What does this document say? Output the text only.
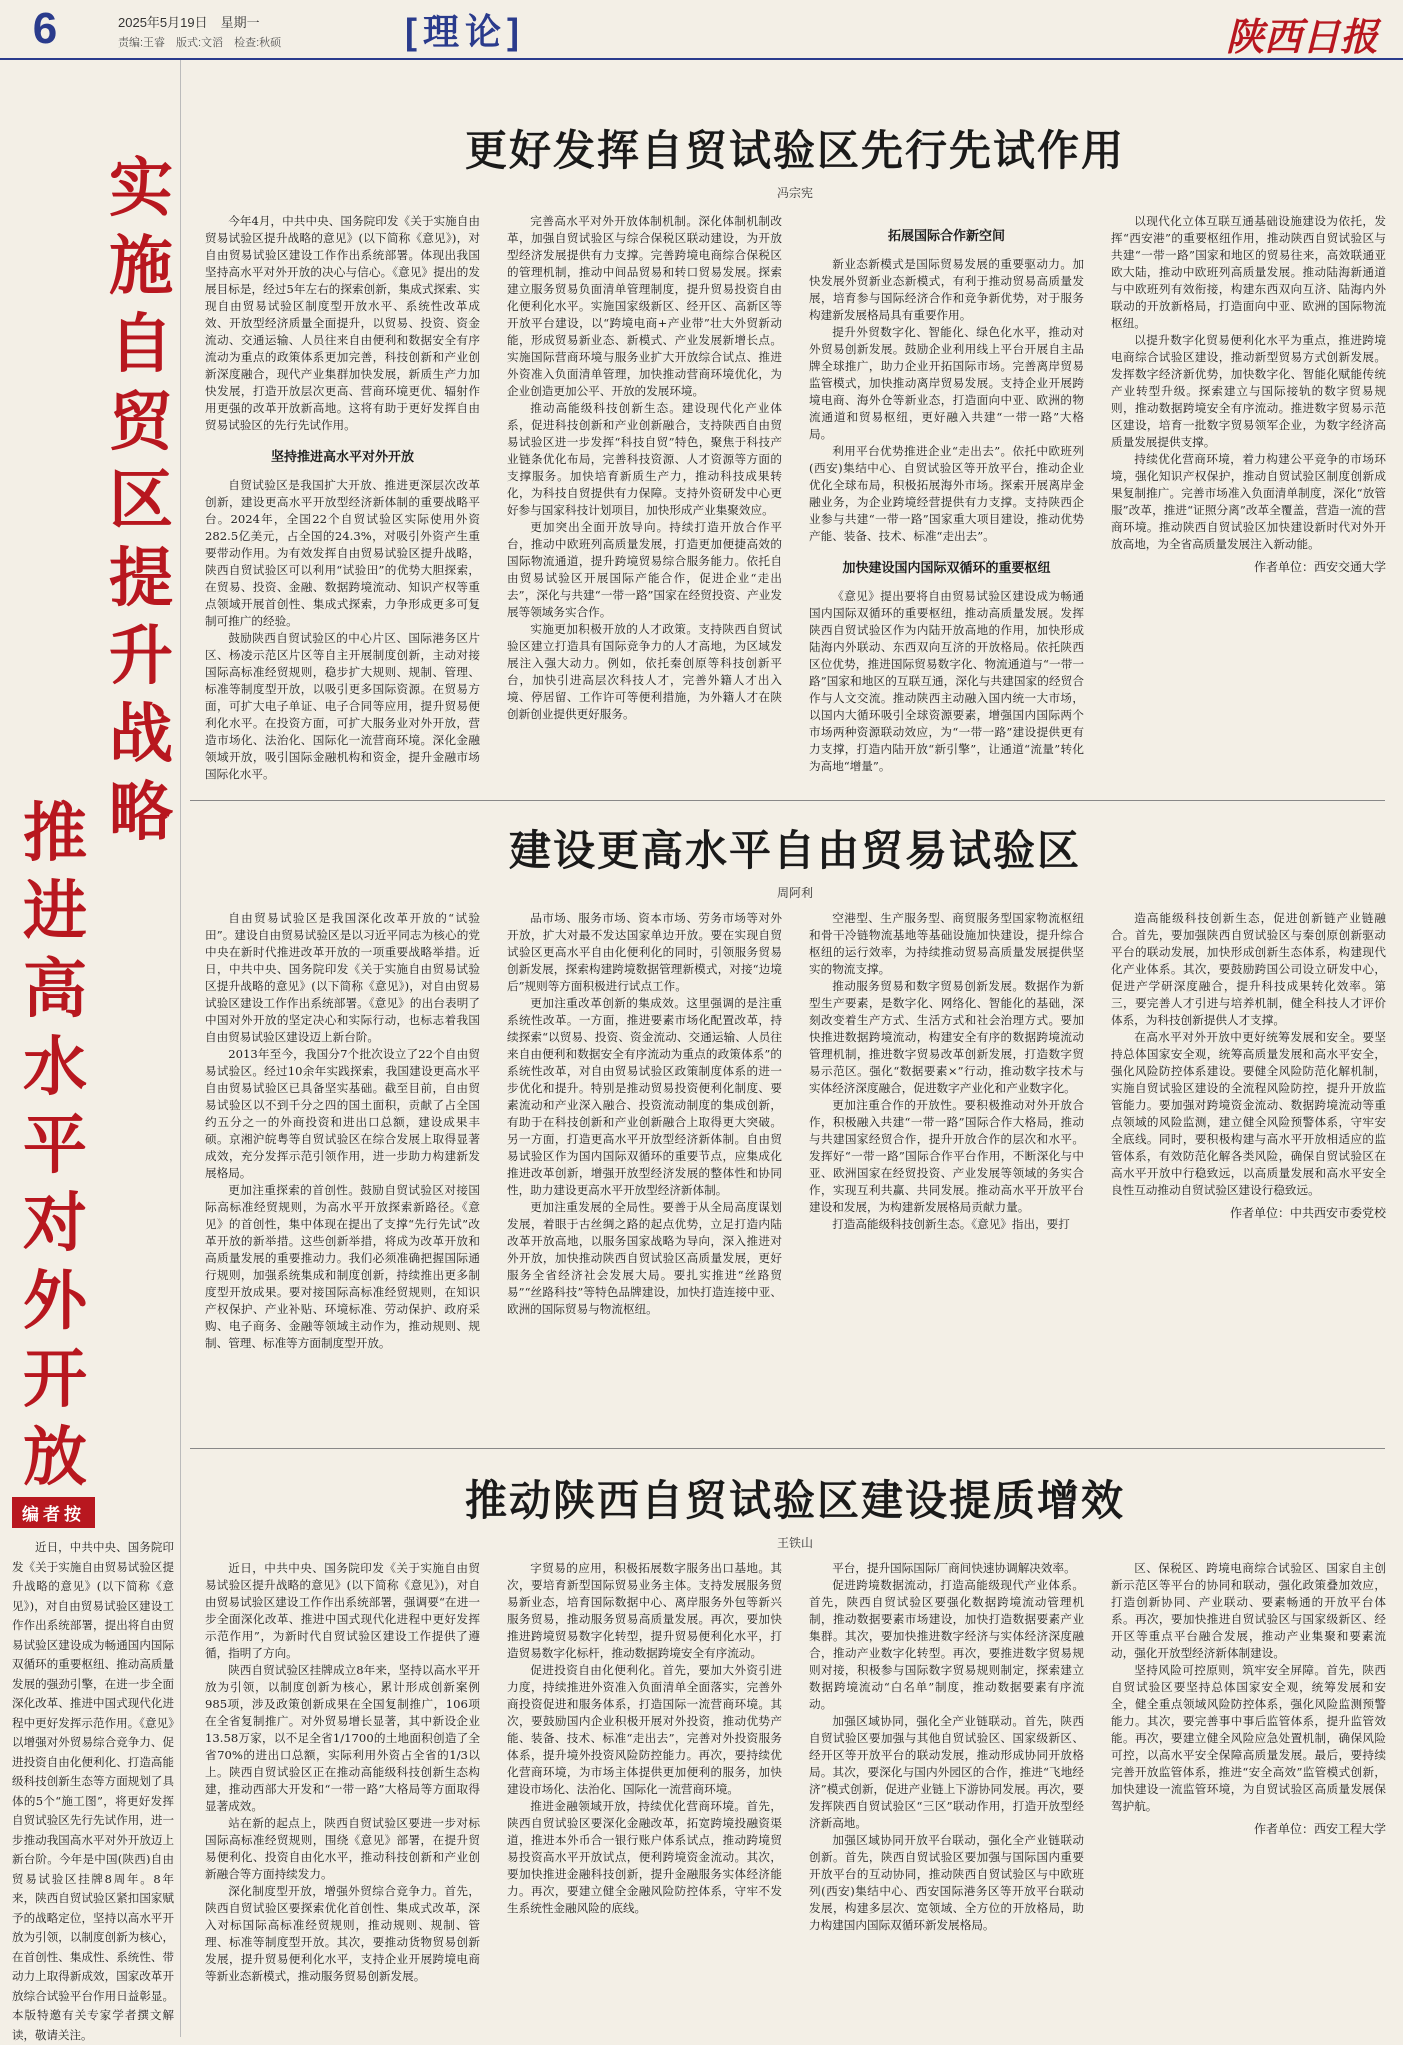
6	2025年5月19日　星期一
责编:王睿　版式:文滔　检查:秋硕	[理论]	陕西日报
实施自贸区提升战略
推进高水平对外开放
编者按
近日，中共中央、国务院印发《关于实施自由贸易试验区提升战略的意见》(以下简称《意见》)，对自由贸易试验区建设工作作出系统部署，提出将自由贸易试验区建设成为畅通国内国际双循环的重要枢纽、推动高质量发展的强劲引擎，在进一步全面深化改革、推进中国式现代化进程中更好发挥示范作用。《意见》以增强对外贸易综合竞争力、促进投资自由化便利化、打造高能级科技创新生态等方面规划了具体的5个“施工图”，将更好发挥自贸试验区先行先试作用，进一步推动我国高水平对外开放迈上新台阶。今年是中国(陕西)自由贸易试验区挂牌8周年。8年来，陕西自贸试验区紧扣国家赋予的战略定位，坚持以高水平开放为引领，以制度创新为核心，在首创性、集成性、系统性、带动力上取得新成效，国家改革开放综合试验平台作用日益彰显。本版特邀有关专家学者撰文解读，敬请关注。
更好发挥自贸试验区先行先试作用
冯宗宪

今年4月，中共中央、国务院印发《关于实施自由贸易试验区提升战略的意见》(以下简称《意见》)，对自由贸易试验区建设工作作出系统部署。体现出我国坚持高水平对外开放的决心与信心。《意见》提出的发展目标是，经过5年左右的探索创新，集成式探索、实现自由贸易试验区制度型开放水平、系统性改革成效、开放型经济质量全面提升，以贸易、投资、资金流动、交通运输、人员往来自由便利和数据安全有序流动为重点的政策体系更加完善，科技创新和产业创新深度融合，现代产业集群加快发展，新质生产力加快发展，打造开放层次更高、营商环境更优、辐射作用更强的改革开放新高地。这将有助于更好发挥自由贸易试验区的先行先试作用。

坚持推进高水平对外开放

自贸试验区是我国扩大开放、推进更深层次改革创新，建设更高水平开放型经济新体制的重要战略平台。2024年，全国22个自贸试验区实际使用外资282.5亿美元，占全国的24.3%，对吸引外资产生重要带动作用。为有效发挥自由贸易试验区提升战略，陕西自贸试验区可以利用“试验田”的优势大胆探索，在贸易、投资、金融、数据跨境流动、知识产权等重点领域开展首创性、集成式探索，力争形成更多可复制可推广的经验。

鼓励陕西自贸试验区的中心片区、国际港务区片区、杨凌示范区片区等自主开展制度创新，主动对接国际高标准经贸规则，稳步扩大规则、规制、管理、标准等制度型开放，以吸引更多国际资源。在贸易方面，可扩大电子单证、电子合同等应用，提升贸易便利化水平。在投资方面，可扩大服务业对外开放，营造市场化、法治化、国际化一流营商环境。深化金融领域开放，吸引国际金融机构和资金，提升金融市场国际化水平。

完善高水平对外开放体制机制。深化体制机制改革，加强自贸试验区与综合保税区联动建设，为开放型经济发展提供有力支撑。完善跨境电商综合保税区的管理机制，推动中间品贸易和转口贸易发展。探索建立服务贸易负面清单管理制度，提升贸易投资自由化便利化水平。实施国家级新区、经开区、高新区等开放平台建设，以“跨境电商+产业带”壮大外贸新动能，形成贸易新业态、新模式、产业发展新增长点。实施国际营商环境与服务业扩大开放综合试点、推进外资准入负面清单管理，加快推动营商环境优化，为企业创造更加公平、开放的发展环境。

推动高能级科技创新生态。建设现代化产业体系，促进科技创新和产业创新融合，支持陕西自由贸易试验区进一步发挥“科技自贸”特色，聚焦于科技产业链条优化布局，完善科技资源、人才资源等方面的支撑服务。加快培育新质生产力，推动科技成果转化，为科技自贸提供有力保障。支持外资研发中心更好参与国家科技计划项目，加快形成产业集聚效应。

更加突出全面开放导向。持续打造开放合作平台，推动中欧班列高质量发展，打造更加便捷高效的国际物流通道，提升跨境贸易综合服务能力。依托自由贸易试验区开展国际产能合作，促进企业“走出去”，深化与共建“一带一路”国家在经贸投资、产业发展等领域务实合作。

实施更加积极开放的人才政策。支持陕西自贸试验区建立打造具有国际竞争力的人才高地，为区域发展注入强大动力。例如，依托秦创原等科技创新平台，加快引进高层次科技人才，完善外籍人才出入境、停居留、工作许可等便利措施，为外籍人才在陕创新创业提供更好服务。

拓展国际合作新空间

新业态新模式是国际贸易发展的重要驱动力。加快发展外贸新业态新模式，有利于推动贸易高质量发展，培育参与国际经济合作和竞争新优势，对于服务构建新发展格局具有重要作用。

提升外贸数字化、智能化、绿色化水平，推动对外贸易创新发展。鼓励企业利用线上平台开展自主品牌全球推广，助力企业开拓国际市场。完善离岸贸易监管模式，加快推动离岸贸易发展。支持企业开展跨境电商、海外仓等新业态，打造面向中亚、欧洲的物流通道和贸易枢纽，更好融入共建“一带一路”大格局。

利用平台优势推进企业“走出去”。依托中欧班列(西安)集结中心、自贸试验区等开放平台，推动企业优化全球布局，积极拓展海外市场。探索开展离岸金融业务，为企业跨境经营提供有力支撑。支持陕西企业参与共建“一带一路”国家重大项目建设，推动优势产能、装备、技术、标准“走出去”。

加快建设国内国际双循环的重要枢纽

《意见》提出要将自由贸易试验区建设成为畅通国内国际双循环的重要枢纽，推动高质量发展。发挥陕西自贸试验区作为内陆开放高地的作用，加快形成陆海内外联动、东西双向互济的开放格局。依托陕西区位优势，推进国际贸易数字化、物流通道与“一带一路”国家和地区的互联互通，深化与共建国家的经贸合作与人文交流。推动陕西主动融入国内统一大市场，以国内大循环吸引全球资源要素，增强国内国际两个市场两种资源联动效应，为“一带一路”建设提供更有力支撑，打造内陆开放“新引擎”，让通道“流量”转化为高地“增量”。

以现代化立体互联互通基础设施建设为依托，发挥“西安港”的重要枢纽作用，推动陕西自贸试验区与共建“一带一路”国家和地区的贸易往来，高效联通亚欧大陆，推动中欧班列高质量发展。推动陆海新通道与中欧班列有效衔接，构建东西双向互济、陆海内外联动的开放新格局，打造面向中亚、欧洲的国际物流枢纽。

以提升数字化贸易便利化水平为重点，推进跨境电商综合试验区建设，推动新型贸易方式创新发展。发挥数字经济新优势，加快数字化、智能化赋能传统产业转型升级。探索建立与国际接轨的数字贸易规则，推动数据跨境安全有序流动。推进数字贸易示范区建设，培育一批数字贸易领军企业，为数字经济高质量发展提供支撑。

持续优化营商环境，着力构建公平竞争的市场环境，强化知识产权保护，推动自贸试验区制度创新成果复制推广。完善市场准入负面清单制度，深化“放管服”改革，推进“证照分离”改革全覆盖，营造一流的营商环境。推动陕西自贸试验区加快建设新时代对外开放高地，为全省高质量发展注入新动能。

作者单位：西安交通大学

建设更高水平自由贸易试验区
周阿利

自由贸易试验区是我国深化改革开放的“试验田”。建设自由贸易试验区是以习近平同志为核心的党中央在新时代推进改革开放的一项重要战略举措。近日，中共中央、国务院印发《关于实施自由贸易试验区提升战略的意见》(以下简称《意见》)，对自由贸易试验区建设工作作出系统部署。《意见》的出台表明了中国对外开放的坚定决心和实际行动，也标志着我国自由贸易试验区建设迈上新台阶。

2013年至今，我国分7个批次设立了22个自由贸易试验区。经过10余年实践探索，我国建设更高水平自由贸易试验区已具备坚实基础。截至目前，自由贸易试验区以不到千分之四的国土面积，贡献了占全国约五分之一的外商投资和进出口总额，建设成果丰硕。京湘沪皖粤等自贸试验区在综合发展上取得显著成效，充分发挥示范引领作用，进一步助力构建新发展格局。

更加注重探索的首创性。鼓励自贸试验区对接国际高标准经贸规则，为高水平开放探索新路径。《意见》的首创性，集中体现在提出了支撑“先行先试”改革开放的新举措。这些创新举措，将成为改革开放和高质量发展的重要推动力。我们必须准确把握国际通行规则，加强系统集成和制度创新，持续推出更多制度型开放成果。要对接国际高标准经贸规则，在知识产权保护、产业补贴、环境标准、劳动保护、政府采购、电子商务、金融等领域主动作为，推动规则、规制、管理、标准等方面制度型开放。

品市场、服务市场、资本市场、劳务市场等对外开放，扩大对最不发达国家单边开放。要在实现自贸试验区更高水平自由化便利化的同时，引领服务贸易创新发展，探索构建跨境数据管理新模式，对接“边境后”规则等方面积极进行试点工作。

更加注重改革创新的集成效。这里强调的是注重系统性改革。一方面，推进要素市场化配置改革，持续探索“以贸易、投资、资金流动、交通运输、人员往来自由便利和数据安全有序流动为重点的政策体系”的系统性改革，对自由贸易试验区政策制度体系的进一步优化和提升。特别是推动贸易投资便利化制度、要素流动和产业深入融合、投资流动制度的集成创新，有助于在科技创新和产业创新融合上取得更大突破。另一方面，打造更高水平开放型经济新体制。自由贸易试验区作为国内国际双循环的重要节点，应集成化推进改革创新，增强开放型经济发展的整体性和协同性，助力建设更高水平开放型经济新体制。

更加注重发展的全局性。要善于从全局高度谋划发展，着眼于古丝绸之路的起点优势，立足打造内陆改革开放高地，以服务国家战略为导向，深入推进对外开放，加快推动陕西自贸试验区高质量发展，更好服务全省经济社会发展大局。要扎实推进“丝路贸易”“丝路科技”等特色品牌建设，加快打造连接中亚、欧洲的国际贸易与物流枢纽。

空港型、生产服务型、商贸服务型国家物流枢纽和骨干冷链物流基地等基础设施加快建设，提升综合枢纽的运行效率，为持续推动贸易高质量发展提供坚实的物流支撑。

推动服务贸易和数字贸易创新发展。数据作为新型生产要素，是数字化、网络化、智能化的基础，深刻改变着生产方式、生活方式和社会治理方式。要加快推进数据跨境流动，构建安全有序的数据跨境流动管理机制，推进数字贸易改革创新发展，打造数字贸易示范区。强化“数据要素×”行动，推动数字技术与实体经济深度融合，促进数字产业化和产业数字化。

更加注重合作的开放性。要积极推动对外开放合作，积极融入共建“一带一路”国际合作大格局，推动与共建国家经贸合作，提升开放合作的层次和水平。发挥好“一带一路”国际合作平台作用，不断深化与中亚、欧洲国家在经贸投资、产业发展等领域的务实合作，实现互利共赢、共同发展。推动高水平开放平台建设和发展，为构建新发展格局贡献力量。

打造高能级科技创新生态。《意见》指出，要打

造高能级科技创新生态，促进创新链产业链融合。首先，要加强陕西自贸试验区与秦创原创新驱动平台的联动发展，加快形成创新生态体系，构建现代化产业体系。其次，要鼓励跨国公司设立研发中心，促进产学研深度融合，提升科技成果转化效率。第三，要完善人才引进与培养机制，健全科技人才评价体系，为科技创新提供人才支撑。

在高水平对外开放中更好统筹发展和安全。要坚持总体国家安全观，统筹高质量发展和高水平安全，强化风险防控体系建设。要健全风险防范化解机制，实施自贸试验区建设的全流程风险防控，提升开放监管能力。要加强对跨境资金流动、数据跨境流动等重点领域的风险监测，建立健全风险预警体系，守牢安全底线。同时，要积极构建与高水平开放相适应的监管体系，有效防范化解各类风险，确保自贸试验区在高水平开放中行稳致远，以高质量发展和高水平安全良性互动推动自贸试验区建设行稳致远。

作者单位：中共西安市委党校

推动陕西自贸试验区建设提质增效
王铁山

近日，中共中央、国务院印发《关于实施自由贸易试验区提升战略的意见》(以下简称《意见》)，对自由贸易试验区建设工作作出系统部署，强调要“在进一步全面深化改革、推进中国式现代化进程中更好发挥示范作用”，为新时代自贸试验区建设工作提供了遵循，指明了方向。

陕西自贸试验区挂牌成立8年来，坚持以高水平开放为引领，以制度创新为核心，累计形成创新案例985项，涉及政策创新成果在全国复制推广，106项在全省复制推广。对外贸易增长显著，其中新设企业13.58万家，以不足全省1/1700的土地面积创造了全省70%的进出口总额，实际利用外资占全省的1/3以上。陕西自贸试验区正在推动高能级科技创新生态构建，推动西部大开发和“一带一路”大格局等方面取得显著成效。

站在新的起点上，陕西自贸试验区要进一步对标国际高标准经贸规则，围绕《意见》部署，在提升贸易便利化、投资自由化水平，推动科技创新和产业创新融合等方面持续发力。

深化制度型开放，增强外贸综合竞争力。首先，陕西自贸试验区要探索优化首创性、集成式改革，深入对标国际高标准经贸规则，推动规则、规制、管理、标准等制度型开放。其次，要推动货物贸易创新发展，提升贸易便利化水平，支持企业开展跨境电商等新业态新模式，推动服务贸易创新发展。

字贸易的应用，积极拓展数字服务出口基地。其次，要培育新型国际贸易业务主体。支持发展服务贸易新业态，培育国际数据中心、离岸服务外包等新兴服务贸易，推动服务贸易高质量发展。再次，要加快推进跨境贸易数字化转型，提升贸易便利化水平，打造贸易数字化标杆，推动数据跨境安全有序流动。

促进投资自由化便利化。首先，要加大外资引进力度，持续推进外资准入负面清单全面落实，完善外商投资促进和服务体系，打造国际一流营商环境。其次，要鼓励国内企业积极开展对外投资，推动优势产能、装备、技术、标准“走出去”，完善对外投资服务体系，提升境外投资风险防控能力。再次，要持续优化营商环境，为市场主体提供更加便利的服务，加快建设市场化、法治化、国际化一流营商环境。

推进金融领域开放，持续优化营商环境。首先，陕西自贸试验区要深化金融改革，拓宽跨境投融资渠道，推进本外币合一银行账户体系试点，推动跨境贸易投资高水平开放试点，便利跨境资金流动。其次，要加快推进金融科技创新，提升金融服务实体经济能力。再次，要建立健全金融风险防控体系，守牢不发生系统性金融风险的底线。

平台，提升国际国际厂商间快速协调解决效率。

促进跨境数据流动，打造高能级现代产业体系。首先，陕西自贸试验区要强化数据跨境流动管理机制，推动数据要素市场建设，加快打造数据要素产业集群。其次，要加快推进数字经济与实体经济深度融合，推动产业数字化转型。再次，要推进数字贸易规则对接，积极参与国际数字贸易规则制定，探索建立数据跨境流动“白名单”制度，推动数据要素有序流动。

加强区域协同，强化全产业链联动。首先，陕西自贸试验区要加强与其他自贸试验区、国家级新区、经开区等开放平台的联动发展，推动形成协同开放格局。其次，要深化与国内外园区的合作，推进“飞地经济”模式创新，促进产业链上下游协同发展。再次，要发挥陕西自贸试验区“三区”联动作用，打造开放型经济新高地。

加强区域协同开放平台联动，强化全产业链联动创新。首先，陕西自贸试验区要加强与国际国内重要开放平台的互动协同，推动陕西自贸试验区与中欧班列(西安)集结中心、西安国际港务区等开放平台联动发展，构建多层次、宽领域、全方位的开放格局，助力构建国内国际双循环新发展格局。

区、保税区、跨境电商综合试验区、国家自主创新示范区等平台的协同和联动，强化政策叠加效应，打造创新协同、产业联动、要素畅通的开放平台体系。再次，要加快推进自贸试验区与国家级新区、经开区等重点平台融合发展，推动产业集聚和要素流动，强化开放型经济新体制建设。

坚持风险可控原则，筑牢安全屏障。首先，陕西自贸试验区要坚持总体国家安全观，统筹发展和安全，健全重点领域风险防控体系，强化风险监测预警能力。其次，要完善事中事后监管体系，提升监管效能。再次，要建立健全风险应急处置机制，确保风险可控，以高水平安全保障高质量发展。最后，要持续完善开放监管体系，推进“安全高效”监管模式创新，加快建设一流监管环境，为自贸试验区高质量发展保驾护航。

作者单位：西安工程大学
